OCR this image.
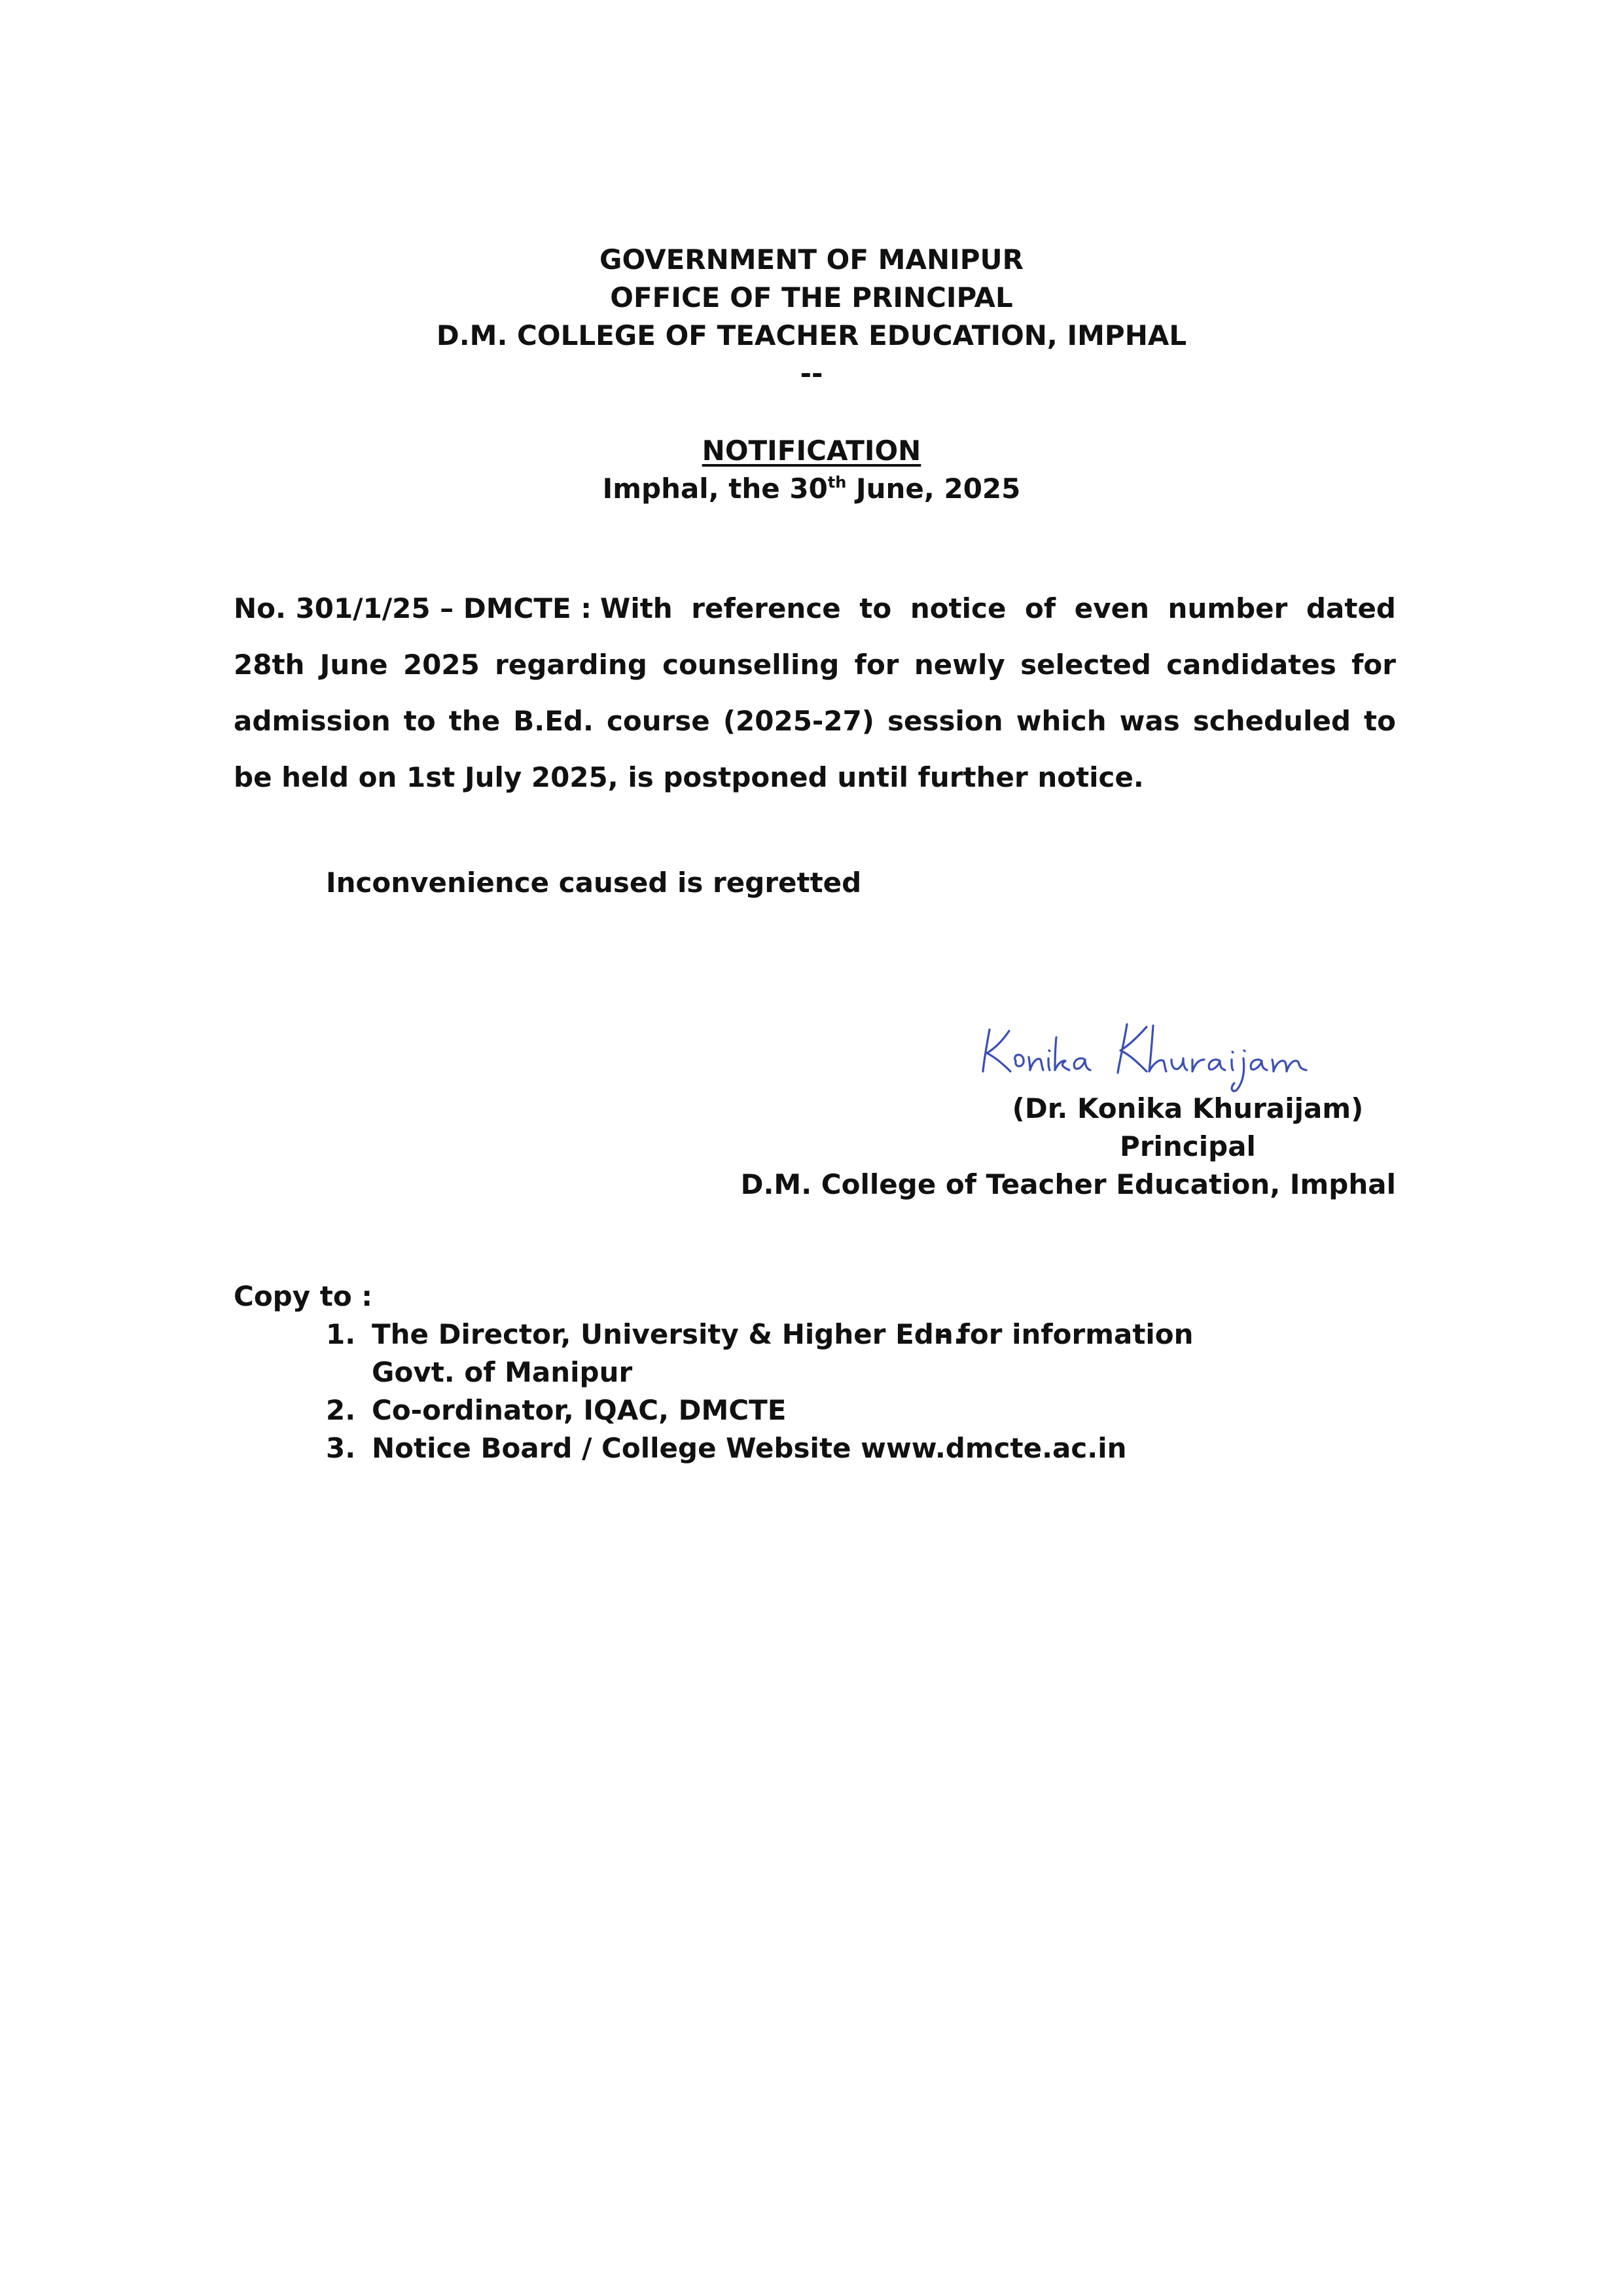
GOVERNMENT OF MANIPUR
OFFICE OF THE PRINCIPAL
D.M. COLLEGE OF TEACHER EDUCATION, IMPHAL
--
NOTIFICATION
Imphal, the 30th June, 2025
No. 301/1/25 – DMCTE : With reference to notice of even number dated 28th June 2025 regarding counselling for newly selected candidates for admission to the B.Ed. course (2025-27) session which was scheduled to be held on 1st July 2025, is postponed until further notice.
Inconvenience caused is regretted
(Dr. Konika Khuraijam)
Principal
D.M. College of Teacher Education, Imphal
Copy to :
1. The Director, University & Higher Edn.
– for information
Govt. of Manipur
2. Co-ordinator, IQAC, DMCTE
3. Notice Board / College Website www.dmcte.ac.in
